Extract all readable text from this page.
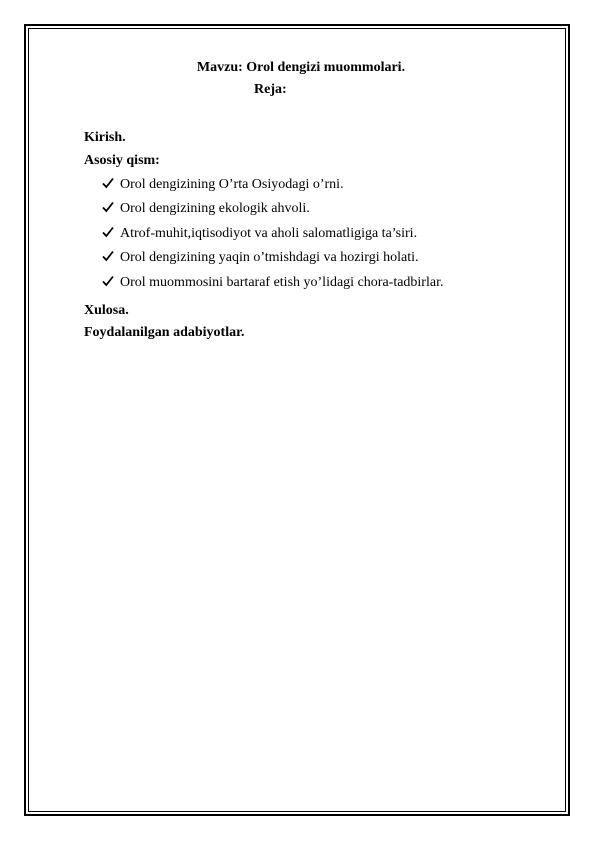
Mavzu: Orol dengizi muommolari.
Reja:
Kirish.
Asosiy qism:
Orol dengizining O’rta Osiyodagi o’rni.
Orol dengizining ekologik ahvoli.
Atrof-muhit,iqtisodiyot va aholi salomatligiga ta’siri.
Orol dengizining yaqin o’tmishdagi va hozirgi holati.
Orol muommosini bartaraf etish yo’lidagi chora-tadbirlar.
Xulosa.
Foydalanilgan adabiyotlar.
